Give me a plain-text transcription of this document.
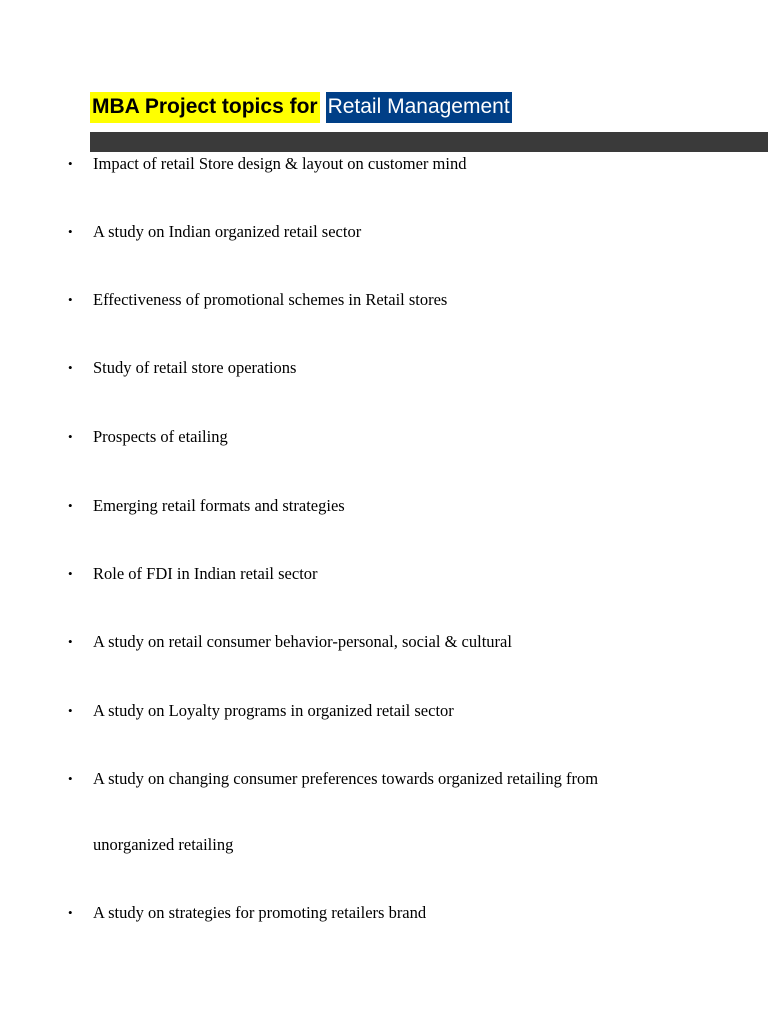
MBA Project topics for Retail Management
• Impact of retail Store design & layout on customer mind
• A study on Indian organized retail sector
• Effectiveness of promotional schemes in Retail stores
• Study of retail store operations
• Prospects of etailing
• Emerging retail formats and strategies
• Role of FDI in Indian retail sector
• A study on retail consumer behavior-personal, social & cultural
• A study on Loyalty programs in organized retail sector
• A study on changing consumer preferences towards organized retailing from
unorganized retailing
• A study on strategies for promoting retailers brand
